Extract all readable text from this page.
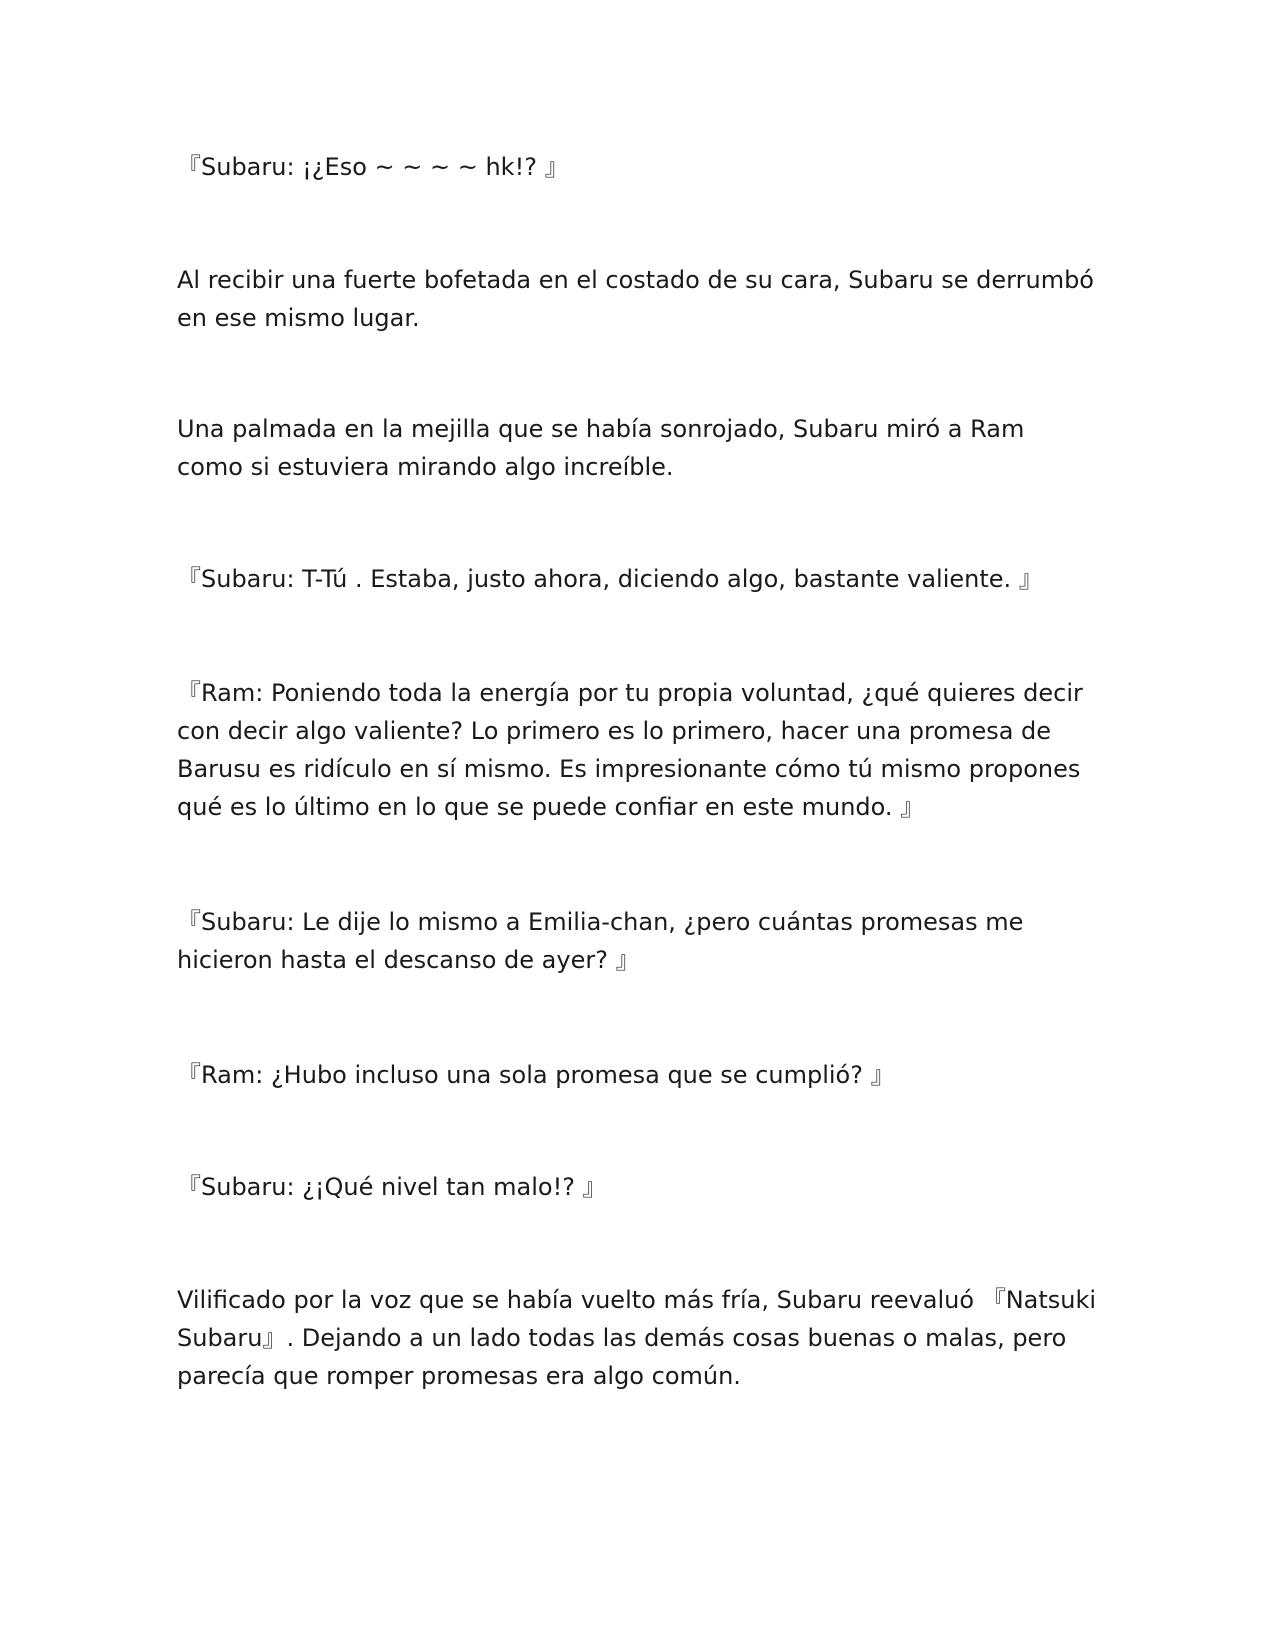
『Subaru: ¡¿Eso ~ ~ ~ ~ hk!? 』

Al recibir una fuerte bofetada en el costado de su cara, Subaru se derrumbó en ese mismo lugar.

Una palmada en la mejilla que se había sonrojado, Subaru miró a Ram como si estuviera mirando algo increíble.

『Subaru: T-Tú . Estaba, justo ahora, diciendo algo, bastante valiente. 』

『Ram: Poniendo toda la energía por tu propia voluntad, ¿qué quieres decir con decir algo valiente? Lo primero es lo primero, hacer una promesa de Barusu es ridículo en sí mismo. Es impresionante cómo tú mismo propones qué es lo último en lo que se puede confiar en este mundo. 』

『Subaru: Le dije lo mismo a Emilia-chan, ¿pero cuántas promesas me hicieron hasta el descanso de ayer? 』

『Ram: ¿Hubo incluso una sola promesa que se cumplió? 』

『Subaru: ¿¡Qué nivel tan malo!? 』

Vilificado por la voz que se había vuelto más fría, Subaru reevaluó 『Natsuki Subaru』. Dejando a un lado todas las demás cosas buenas o malas, pero parecía que romper promesas era algo común.
